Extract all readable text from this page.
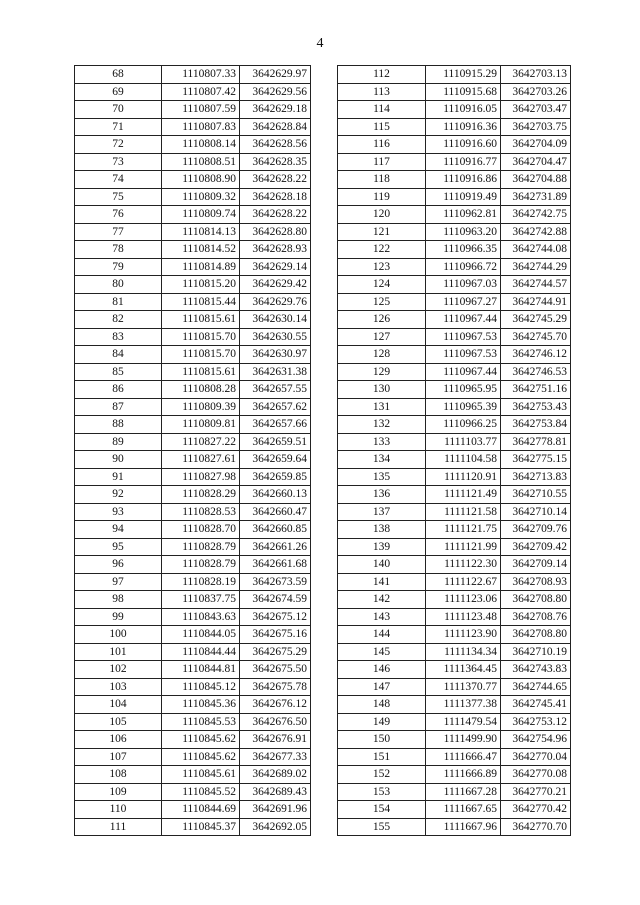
4
68	1110807.33	3642629.97
69	1110807.42	3642629.56
70	1110807.59	3642629.18
71	1110807.83	3642628.84
72	1110808.14	3642628.56
73	1110808.51	3642628.35
74	1110808.90	3642628.22
75	1110809.32	3642628.18
76	1110809.74	3642628.22
77	1110814.13	3642628.80
78	1110814.52	3642628.93
79	1110814.89	3642629.14
80	1110815.20	3642629.42
81	1110815.44	3642629.76
82	1110815.61	3642630.14
83	1110815.70	3642630.55
84	1110815.70	3642630.97
85	1110815.61	3642631.38
86	1110808.28	3642657.55
87	1110809.39	3642657.62
88	1110809.81	3642657.66
89	1110827.22	3642659.51
90	1110827.61	3642659.64
91	1110827.98	3642659.85
92	1110828.29	3642660.13
93	1110828.53	3642660.47
94	1110828.70	3642660.85
95	1110828.79	3642661.26
96	1110828.79	3642661.68
97	1110828.19	3642673.59
98	1110837.75	3642674.59
99	1110843.63	3642675.12
100	1110844.05	3642675.16
101	1110844.44	3642675.29
102	1110844.81	3642675.50
103	1110845.12	3642675.78
104	1110845.36	3642676.12
105	1110845.53	3642676.50
106	1110845.62	3642676.91
107	1110845.62	3642677.33
108	1110845.61	3642689.02
109	1110845.52	3642689.43
110	1110844.69	3642691.96
111	1110845.37	3642692.05
112	1110915.29	3642703.13
113	1110915.68	3642703.26
114	1110916.05	3642703.47
115	1110916.36	3642703.75
116	1110916.60	3642704.09
117	1110916.77	3642704.47
118	1110916.86	3642704.88
119	1110919.49	3642731.89
120	1110962.81	3642742.75
121	1110963.20	3642742.88
122	1110966.35	3642744.08
123	1110966.72	3642744.29
124	1110967.03	3642744.57
125	1110967.27	3642744.91
126	1110967.44	3642745.29
127	1110967.53	3642745.70
128	1110967.53	3642746.12
129	1110967.44	3642746.53
130	1110965.95	3642751.16
131	1110965.39	3642753.43
132	1110966.25	3642753.84
133	1111103.77	3642778.81
134	1111104.58	3642775.15
135	1111120.91	3642713.83
136	1111121.49	3642710.55
137	1111121.58	3642710.14
138	1111121.75	3642709.76
139	1111121.99	3642709.42
140	1111122.30	3642709.14
141	1111122.67	3642708.93
142	1111123.06	3642708.80
143	1111123.48	3642708.76
144	1111123.90	3642708.80
145	1111134.34	3642710.19
146	1111364.45	3642743.83
147	1111370.77	3642744.65
148	1111377.38	3642745.41
149	1111479.54	3642753.12
150	1111499.90	3642754.96
151	1111666.47	3642770.04
152	1111666.89	3642770.08
153	1111667.28	3642770.21
154	1111667.65	3642770.42
155	1111667.96	3642770.70
